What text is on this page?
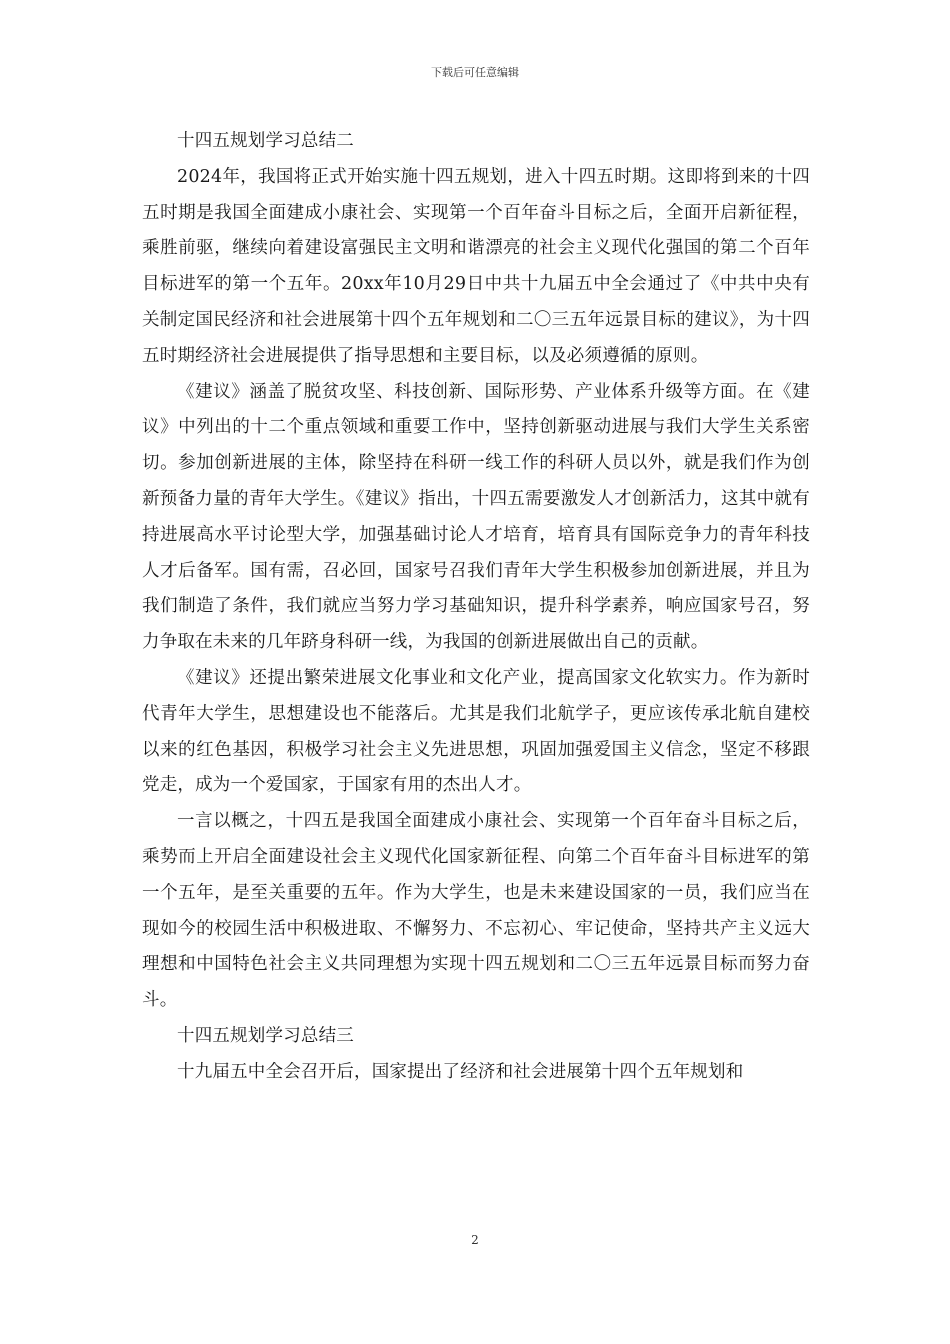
下载后可任意编辑

十四五规划学习总结二

2024年，我国将正式开始实施十四五规划，进入十四五时期。这即将到来的十四五时期是我国全面建成小康社会、实现第一个百年奋斗目标之后，全面开启新征程，乘胜前驱，继续向着建设富强民主文明和谐漂亮的社会主义现代化强国的第二个百年目标进军的第一个五年。20xx年10月29日中共十九届五中全会通过了《中共中央有关制定国民经济和社会进展第十四个五年规划和二〇三五年远景目标的建议》，为十四五时期经济社会进展提供了指导思想和主要目标，以及必须遵循的原则。

《建议》涵盖了脱贫攻坚、科技创新、国际形势、产业体系升级等方面。在《建议》中列出的十二个重点领域和重要工作中，坚持创新驱动进展与我们大学生关系密切。参加创新进展的主体，除坚持在科研一线工作的科研人员以外，就是我们作为创新预备力量的青年大学生。《建议》指出，十四五需要激发人才创新活力，这其中就有持进展高水平讨论型大学，加强基础讨论人才培育，培育具有国际竞争力的青年科技人才后备军。国有需，召必回，国家号召我们青年大学生积极参加创新进展，并且为我们制造了条件，我们就应当努力学习基础知识，提升科学素养，响应国家号召，努力争取在未来的几年跻身科研一线，为我国的创新进展做出自己的贡献。

《建议》还提出繁荣进展文化事业和文化产业，提高国家文化软实力。作为新时代青年大学生，思想建设也不能落后。尤其是我们北航学子，更应该传承北航自建校以来的红色基因，积极学习社会主义先进思想，巩固加强爱国主义信念，坚定不移跟党走，成为一个爱国家，于国家有用的杰出人才。

一言以概之，十四五是我国全面建成小康社会、实现第一个百年奋斗目标之后，乘势而上开启全面建设社会主义现代化国家新征程、向第二个百年奋斗目标进军的第一个五年，是至关重要的五年。作为大学生，也是未来建设国家的一员，我们应当在现如今的校园生活中积极进取、不懈努力、不忘初心、牢记使命，坚持共产主义远大理想和中国特色社会主义共同理想为实现十四五规划和二〇三五年远景目标而努力奋斗。

十四五规划学习总结三

十九届五中全会召开后，国家提出了经济和社会进展第十四个五年规划和

2
